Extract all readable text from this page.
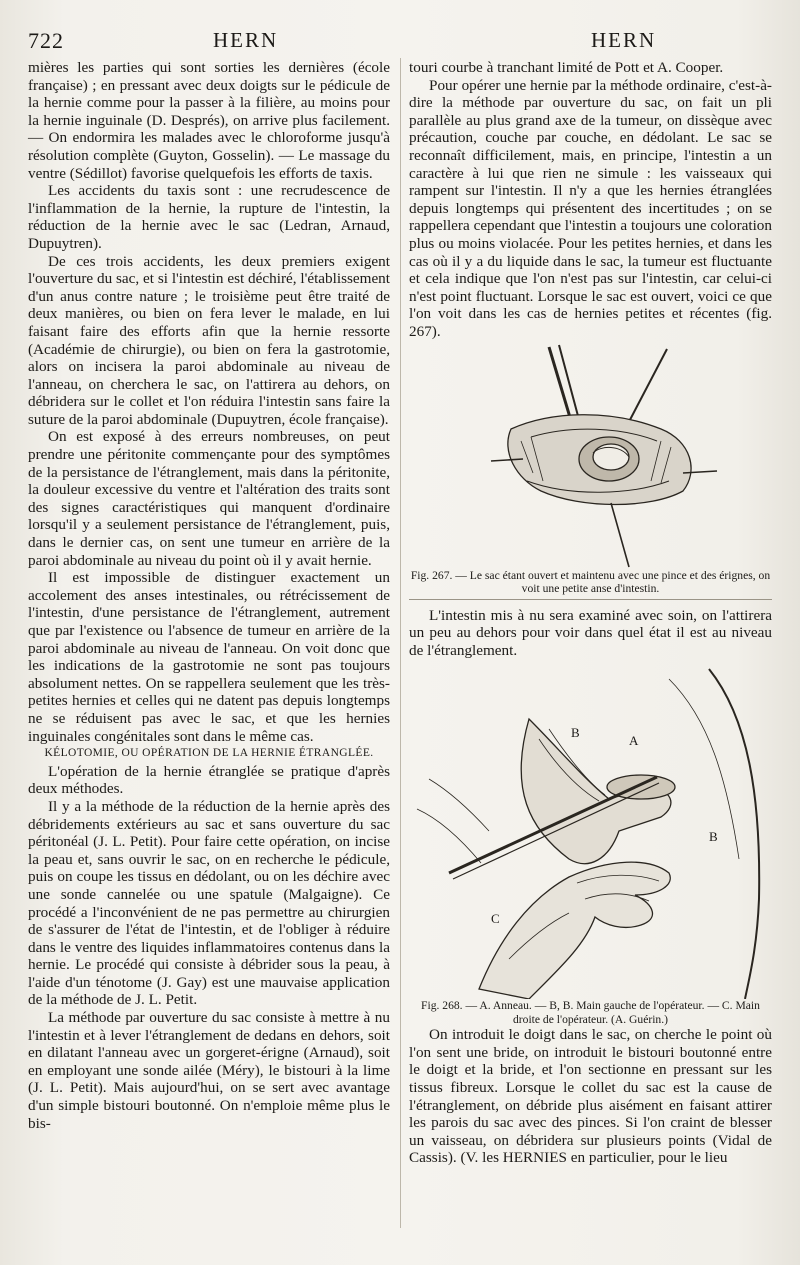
722	HERN	HERN

mières les parties qui sont sorties les dernières (école française) ; en pressant avec deux doigts sur le pédicule de la hernie comme pour la passer à la filière, au moins pour la hernie inguinale (D. Després), on arrive plus facilement. — On endormira les malades avec le chloroforme jusqu'à résolution complète (Guyton, Gosselin). — Le massage du ventre (Sédillot) favorise quelquefois les efforts de taxis.

Les accidents du taxis sont : une recrudescence de l'inflammation de la hernie, la rupture de l'intestin, la réduction de la hernie avec le sac (Ledran, Arnaud, Dupuytren).

De ces trois accidents, les deux premiers exigent l'ouverture du sac, et si l'intestin est déchiré, l'établissement d'un anus contre nature ; le troisième peut être traité de deux manières, ou bien on fera lever le malade, en lui faisant faire des efforts afin que la hernie ressorte (Académie de chirurgie), ou bien on fera la gastrotomie, alors on incisera la paroi abdominale au niveau de l'anneau, on cherchera le sac, on l'attirera au dehors, on débridera sur le collet et l'on réduira l'intestin sans faire la suture de la paroi abdominale (Dupuytren, école française).

On est exposé à des erreurs nombreuses, on peut prendre une péritonite commençante pour des symptômes de la persistance de l'étranglement, mais dans la péritonite, la douleur excessive du ventre et l'altération des traits sont des signes caractéristiques qui manquent d'ordinaire lorsqu'il y a seulement persistance de l'étranglement, puis, dans le dernier cas, on sent une tumeur en arrière de la paroi abdominale au niveau du point où il y avait hernie.

Il est impossible de distinguer exactement un accolement des anses intestinales, ou rétrécissement de l'intestin, d'une persistance de l'étranglement, autrement que par l'existence ou l'absence de tumeur en arrière de la paroi abdominale au niveau de l'anneau. On voit donc que les indications de la gastrotomie ne sont pas toujours absolument nettes. On se rappellera seulement que les très-petites hernies et celles qui ne datent pas depuis longtemps ne se réduisent pas avec le sac, et que les hernies inguinales congénitales sont dans le même cas.

KÉLOTOMIE, OU OPÉRATION DE LA HERNIE ÉTRANGLÉE.

L'opération de la hernie étranglée se pratique d'après deux méthodes.

Il y a la méthode de la réduction de la hernie après des débridements extérieurs au sac et sans ouverture du sac péritonéal (J. L. Petit). Pour faire cette opération, on incise la peau et, sans ouvrir le sac, on en recherche le pédicule, puis on coupe les tissus en dédolant, ou on les déchire avec une sonde cannelée ou une spatule (Malgaigne). Ce procédé a l'inconvénient de ne pas permettre au chirurgien de s'assurer de l'état de l'intestin, et de l'obliger à réduire dans le ventre des liquides inflammatoires contenus dans la hernie. Le procédé qui consiste à débrider sous la peau, à l'aide d'un ténotome (J. Gay) est une mauvaise application de la méthode de J. L. Petit.

La méthode par ouverture du sac consiste à mettre à nu l'intestin et à lever l'étranglement de dedans en dehors, soit en dilatant l'anneau avec un gorgeret-érigne (Arnaud), soit en employant une sonde ailée (Méry), le bistouri à la lime (J. L. Petit). Mais aujourd'hui, on se sert avec avantage d'un simple bistouri boutonné. On n'emploie même plus le bis-

touri courbe à tranchant limité de Pott et A. Cooper.

Pour opérer une hernie par la méthode ordinaire, c'est-à-dire la méthode par ouverture du sac, on fait un pli parallèle au plus grand axe de la tumeur, on dissèque avec précaution, couche par couche, en dédolant. Le sac se reconnaît difficilement, mais, en principe, l'intestin a un caractère à lui que rien ne simule : les vaisseaux qui rampent sur l'intestin. Il n'y a que les hernies étranglées depuis longtemps qui présentent des incertitudes ; on se rappellera cependant que l'intestin a toujours une coloration plus ou moins violacée. Pour les petites hernies, et dans les cas où il y a du liquide dans le sac, la tumeur est fluctuante et cela indique que l'on n'est pas sur l'intestin, car celui-ci n'est point fluctuant. Lorsque le sac est ouvert, voici ce que l'on voit dans les cas de hernies petites et récentes (fig. 267).

Fig. 267. — Le sac étant ouvert et maintenu avec une pince et des érignes, on voit une petite anse d'intestin.

L'intestin mis à nu sera examiné avec soin, on l'attirera un peu au dehors pour voir dans quel état il est au niveau de l'étranglement.

A
B
B
C

Fig. 268. — A. Anneau. — B, B. Main gauche de l'opérateur. — C. Main droite de l'opérateur. (A. Guérin.)

On introduit le doigt dans le sac, on cherche le point où l'on sent une bride, on introduit le bistouri boutonné entre le doigt et la bride, et l'on sectionne en pressant sur les tissus fibreux. Lorsque le collet du sac est la cause de l'étranglement, on débride plus aisément en faisant attirer les parois du sac avec des pinces. Si l'on craint de blesser un vaisseau, on débridera sur plusieurs points (Vidal de Cassis). (V. les HERNIES en particulier, pour le lieu
